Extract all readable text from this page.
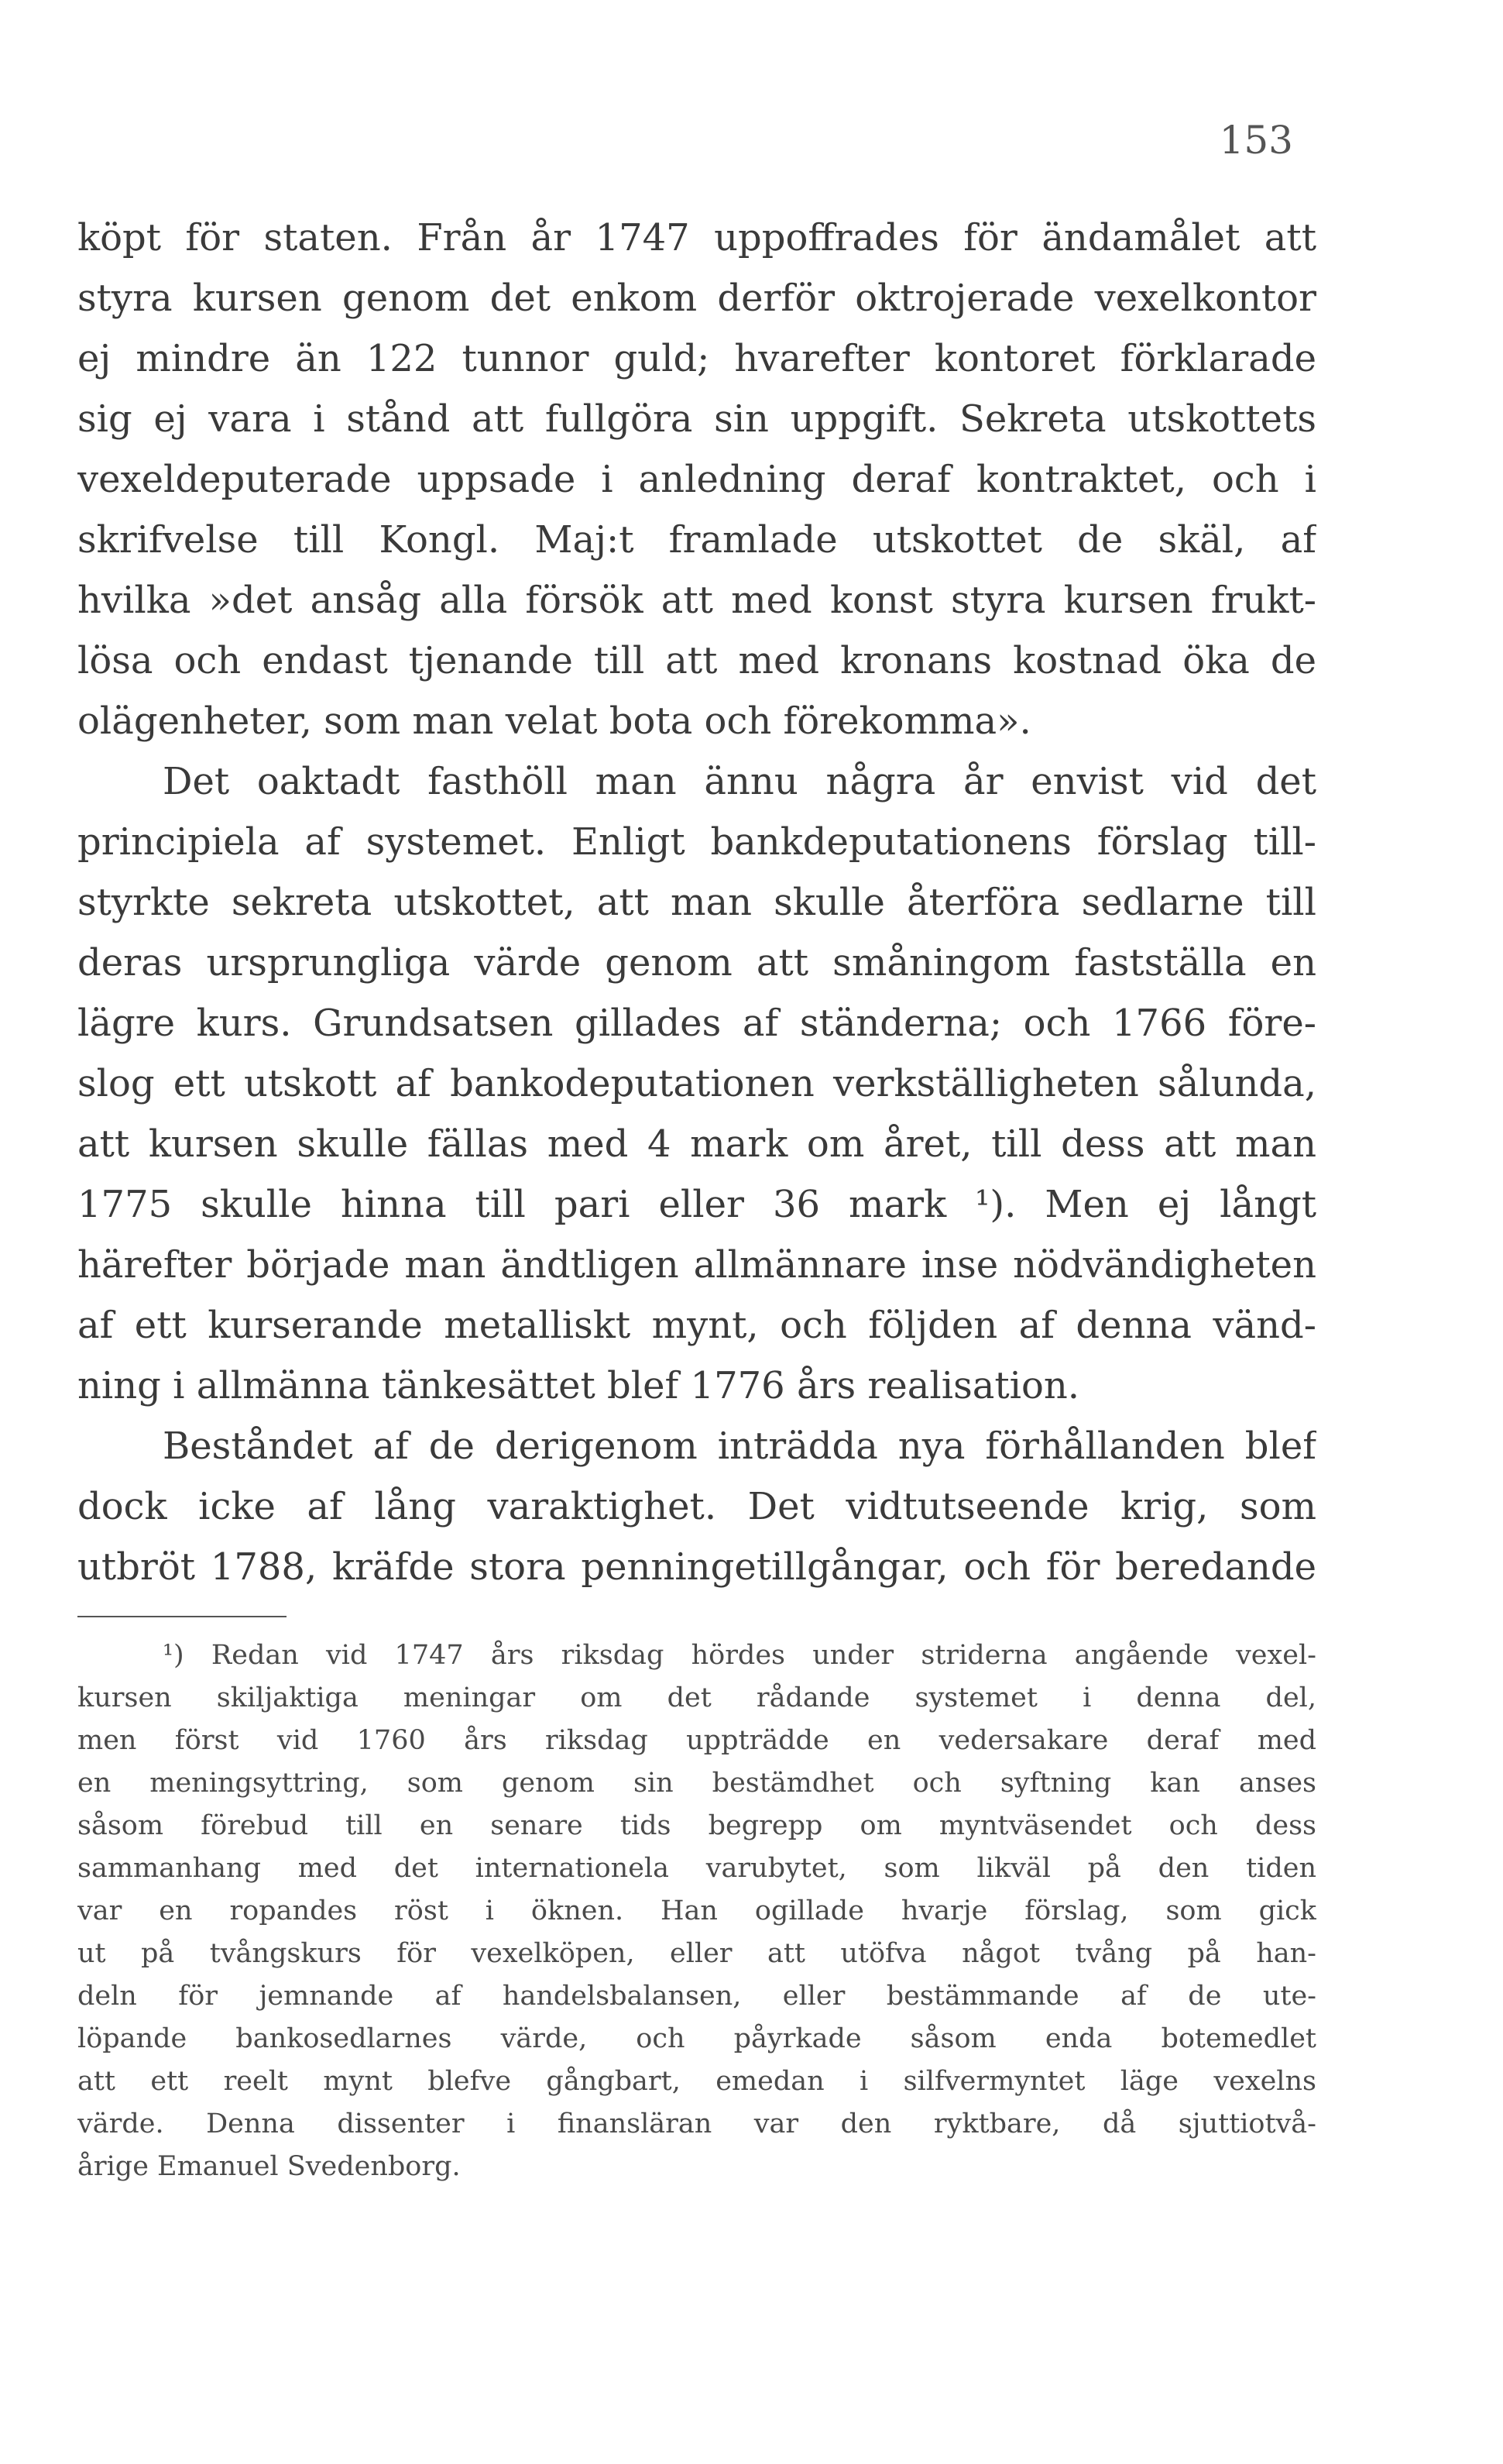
153
köpt för staten. Från år 1747 uppoffrades för ändamålet att
styra kursen genom det enkom derför oktrojerade vexelkontor
ej mindre än 122 tunnor guld; hvarefter kontoret förklarade
sig ej vara i stånd att fullgöra sin uppgift. Sekreta utskottets
vexeldeputerade uppsade i anledning deraf kontraktet, och i
skrifvelse till Kongl. Maj:t framlade utskottet de skäl, af
hvilka »det ansåg alla försök att med konst styra kursen frukt-
lösa och endast tjenande till att med kronans kostnad öka de
olägenheter, som man velat bota och förekomma».
Det oaktadt fasthöll man ännu några år envist vid det
principiela af systemet. Enligt bankdeputationens förslag till-
styrkte sekreta utskottet, att man skulle återföra sedlarne till
deras ursprungliga värde genom att småningom fastställa en
lägre kurs. Grundsatsen gillades af ständerna; och 1766 före-
slog ett utskott af bankodeputationen verkställigheten sålunda,
att kursen skulle fällas med 4 mark om året, till dess att man
1775 skulle hinna till pari eller 36 mark ¹). Men ej långt
härefter började man ändtligen allmännare inse nödvändigheten
af ett kurserande metalliskt mynt, och följden af denna vänd-
ning i allmänna tänkesättet blef 1776 års realisation.
Beståndet af de derigenom inträdda nya förhållanden blef
dock icke af lång varaktighet. Det vidtutseende krig, som
utbröt 1788, kräfde stora penningetillgångar, och för beredande
¹) Redan vid 1747 års riksdag hördes under striderna angående vexel-
kursen skiljaktiga meningar om det rådande systemet i denna del,
men först vid 1760 års riksdag uppträdde en vedersakare deraf med
en meningsyttring, som genom sin bestämdhet och syftning kan anses
såsom förebud till en senare tids begrepp om myntväsendet och dess
sammanhang med det internationela varubytet, som likväl på den tiden
var en ropandes röst i öknen. Han ogillade hvarje förslag, som gick
ut på tvångskurs för vexelköpen, eller att utöfva något tvång på han-
deln för jemnande af handelsbalansen, eller bestämmande af de ute-
löpande bankosedlarnes värde, och påyrkade såsom enda botemedlet
att ett reelt mynt blefve gångbart, emedan i silfvermyntet läge vexelns
värde. Denna dissenter i finansläran var den ryktbare, då sjuttiotvå-
årige Emanuel Svedenborg.
